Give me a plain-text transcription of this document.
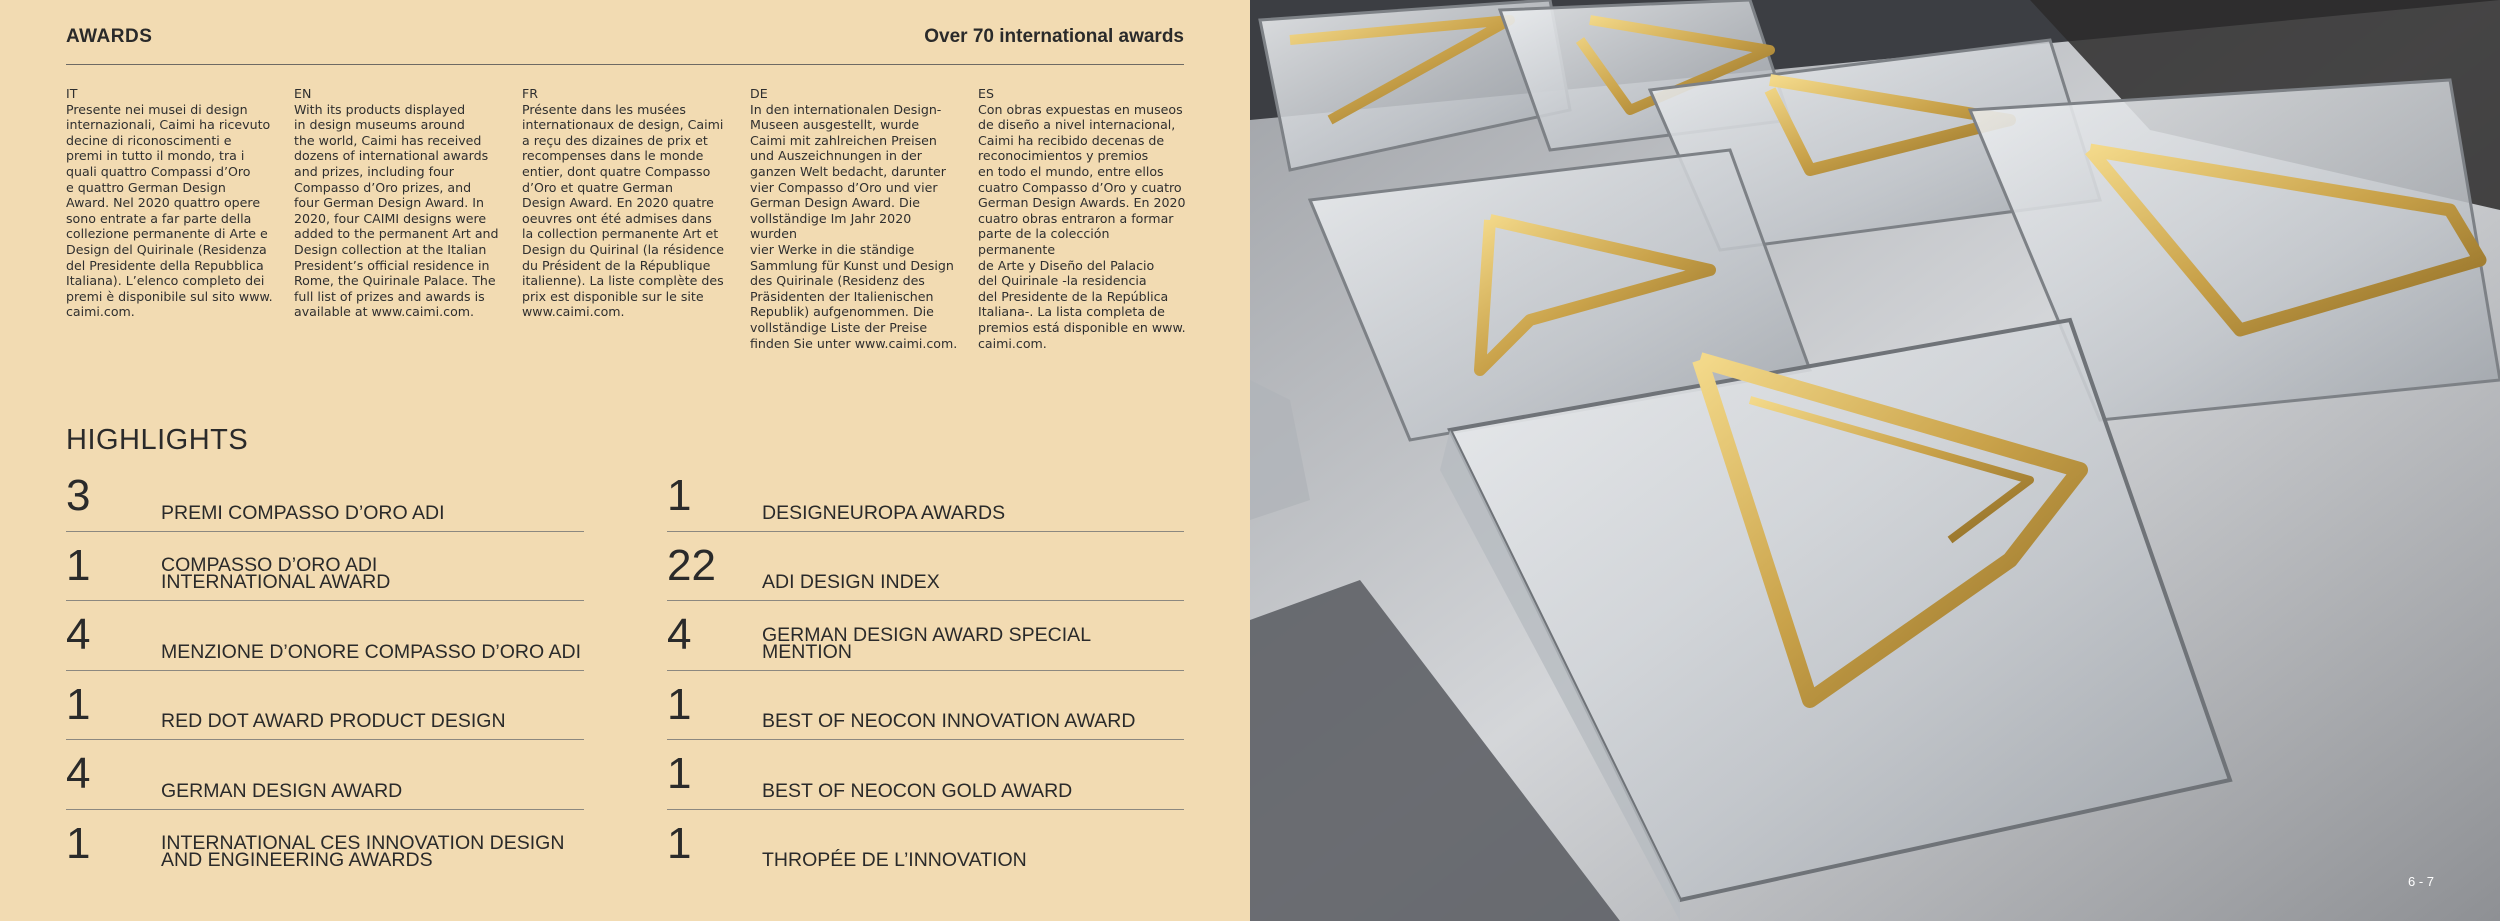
AWARDS	Over 70 international awards
IT
Presente nei musei di design
internazionali, Caimi ha ricevuto
decine di riconoscimenti e
premi in tutto il mondo, tra i
quali quattro Compassi d’Oro
e quattro German Design
Award. Nel 2020 quattro opere
sono entrate a far parte della
collezione permanente di Arte e
Design del Quirinale (Residenza
del Presidente della Repubblica
Italiana). L’elenco completo dei
premi è disponibile sul sito www.
caimi.com.
EN
With its products displayed
in design museums around
the world, Caimi has received
dozens of international awards
and prizes, including four
Compasso d’Oro prizes, and
four German Design Award. In
2020, four CAIMI designs were
added to the permanent Art and
Design collection at the Italian
President’s official residence in
Rome, the Quirinale Palace. The
full list of prizes and awards is
available at www.caimi.com.
FR
Présente dans les musées
internationaux de design, Caimi
a reçu des dizaines de prix et
recompenses dans le monde
entier, dont quatre Compasso
d’Oro et quatre German
Design Award. En 2020 quatre
oeuvres ont été admises dans
la collection permanente Art et
Design du Quirinal (la résidence
du Président de la République
italienne). La liste complète des
prix est disponible sur le site
www.caimi.com.
DE
In den internationalen Design-
Museen ausgestellt, wurde
Caimi mit zahlreichen Preisen
und Auszeichnungen in der
ganzen Welt bedacht, darunter
vier Compasso d’Oro und vier
German Design Award. Die
vollständige Im Jahr 2020 wurden
vier Werke in die ständige
Sammlung für Kunst und Design
des Quirinale (Residenz des
Präsidenten der Italienischen
Republik) aufgenommen. Die
vollständige Liste der Preise
finden Sie unter www.caimi.com.
ES
Con obras expuestas en museos
de diseño a nivel internacional,
Caimi ha recibido decenas de
reconocimientos y premios
en todo el mundo, entre ellos
cuatro Compasso d’Oro y cuatro
German Design Awards. En 2020
cuatro obras entraron a formar
parte de la colección permanente
de Arte y Diseño del Palacio
del Quirinale -la residencia
del Presidente de la República
Italiana-. La lista completa de
premios está disponible en www.
caimi.com.
HIGHLIGHTS
3	PREMI COMPASSO D’ORO ADI
1	COMPASSO D’ORO ADI
INTERNATIONAL AWARD
4	MENZIONE D’ONORE COMPASSO D’ORO ADI
1	RED DOT AWARD PRODUCT DESIGN
4	GERMAN DESIGN AWARD
1	INTERNATIONAL CES INNOVATION DESIGN
AND ENGINEERING AWARDS
1	DESIGNEUROPA AWARDS
22 ADI DESIGN INDEX
4	GERMAN DESIGN AWARD SPECIAL MENTION
1	BEST OF NEOCON INNOVATION AWARD
1	BEST OF NEOCON GOLD AWARD
1	THROPÉE DE L’INNOVATION
6 - 7
